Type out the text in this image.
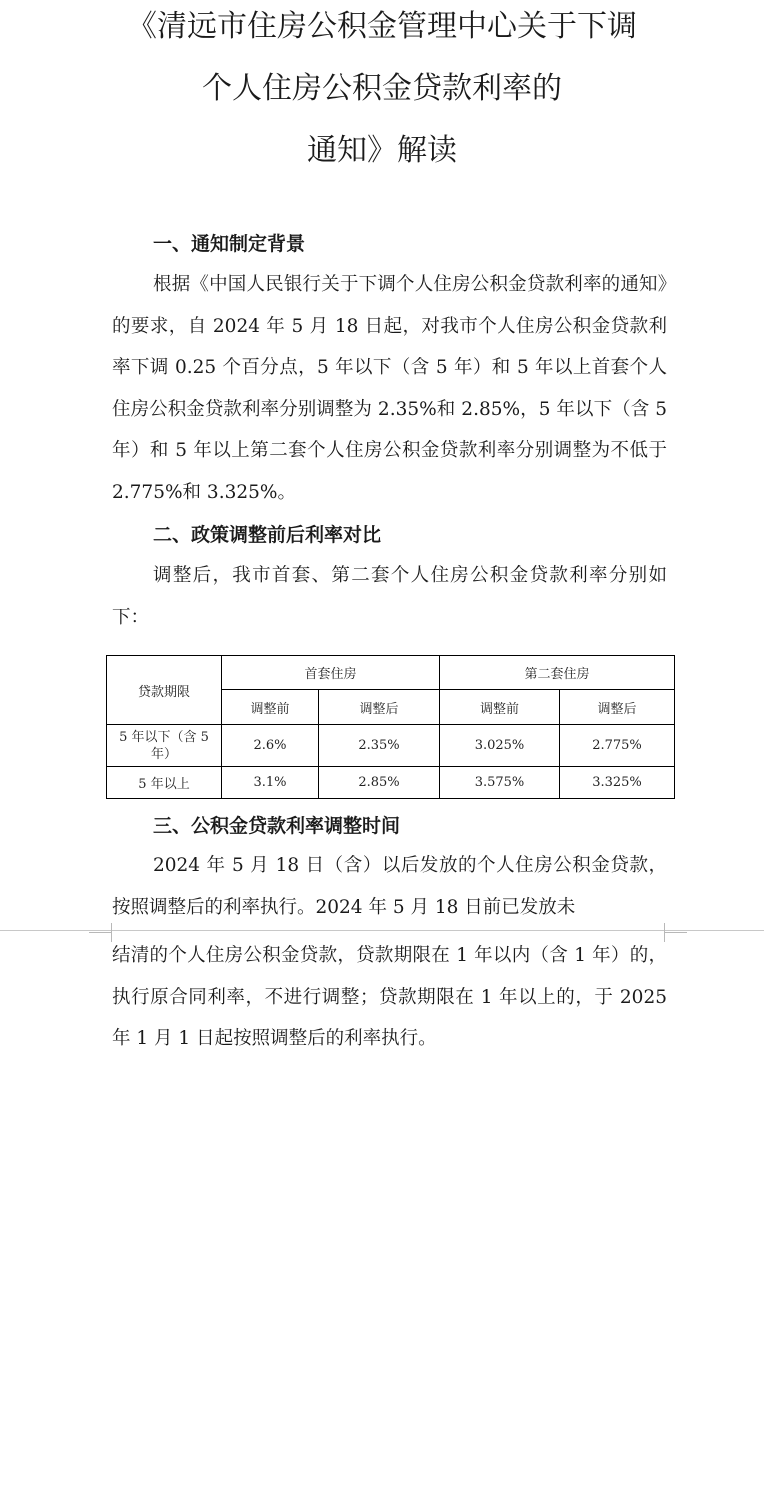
《清远市住房公积金管理中心关于下调
个人住房公积金贷款利率的
通知》解读
一、通知制定背景

根据《中国人民银行关于下调个人住房公积金贷款利率的通知》的要求，自 2024 年 5 月 18 日起，对我市个人住房公积金贷款利率下调 0.25 个百分点，5 年以下（含 5 年）和 5 年以上首套个人住房公积金贷款利率分别调整为 2.35%和 2.85%，5 年以下（含 5 年）和 5 年以上第二套个人住房公积金贷款利率分别调整为不低于 2.775%和 3.325%。

二、政策调整前后利率对比

调整后，我市首套、第二套个人住房公积金贷款利率分别如下：

贷款期限	首套住房		第二套住房	
	调整前	调整后	调整前	调整后
5 年以下（含 5 年）	2.6%	2.35%	3.025%	2.775%
5 年以上	3.1%	2.85%	3.575%	3.325%
三、公积金贷款利率调整时间

2024 年 5 月 18 日（含）以后发放的个人住房公积金贷款，按照调整后的利率执行。2024 年 5 月 18 日前已发放未

结清的个人住房公积金贷款，贷款期限在 1 年以内（含 1 年）的，执行原合同利率，不进行调整；贷款期限在 1 年以上的，于 2025 年 1 月 1 日起按照调整后的利率执行。
